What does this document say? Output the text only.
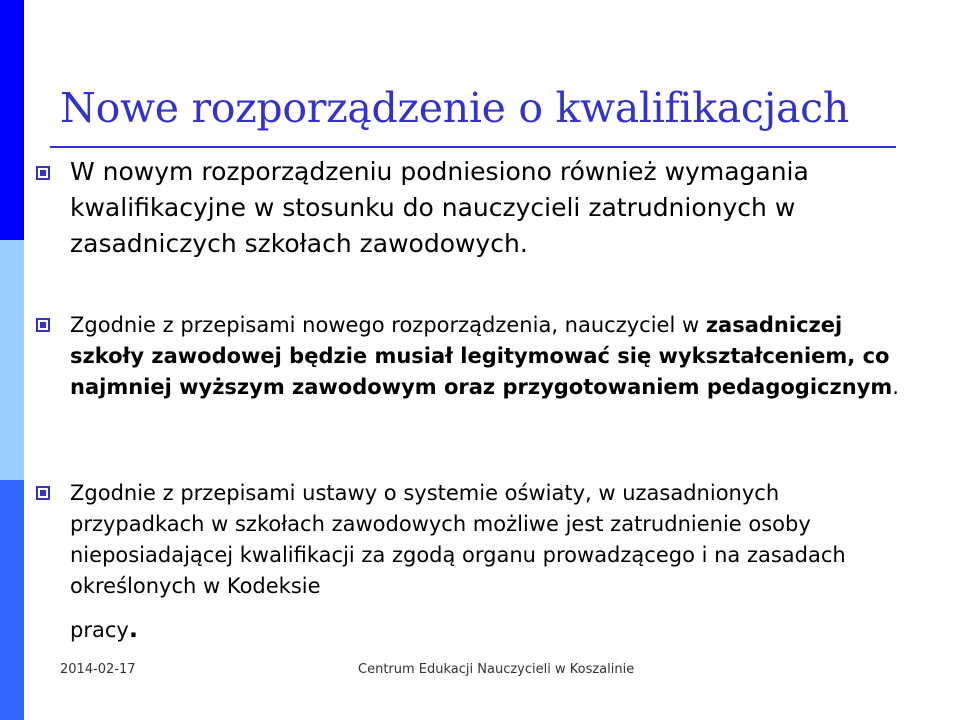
Nowe rozporządzenie o kwalifikacjach
W nowym rozporządzeniu podniesiono również wymagania kwalifikacyjne w stosunku do nauczycieli zatrudnionych w zasadniczych szkołach zawodowych.
Zgodnie z przepisami nowego rozporządzenia, nauczyciel w zasadniczej szkoły zawodowej będzie musiał legitymować się wykształceniem, co najmniej wyższym zawodowym oraz przygotowaniem pedagogicznym.
Zgodnie z przepisami ustawy o systemie oświaty, w uzasadnionych przypadkach w szkołach zawodowych możliwe jest zatrudnienie osoby nieposiadającej kwalifikacji za zgodą organu prowadzącego i na zasadach określonych w Kodeksie
pracy.
2014-02-17	Centrum Edukacji Nauczycieli w Koszalinie
